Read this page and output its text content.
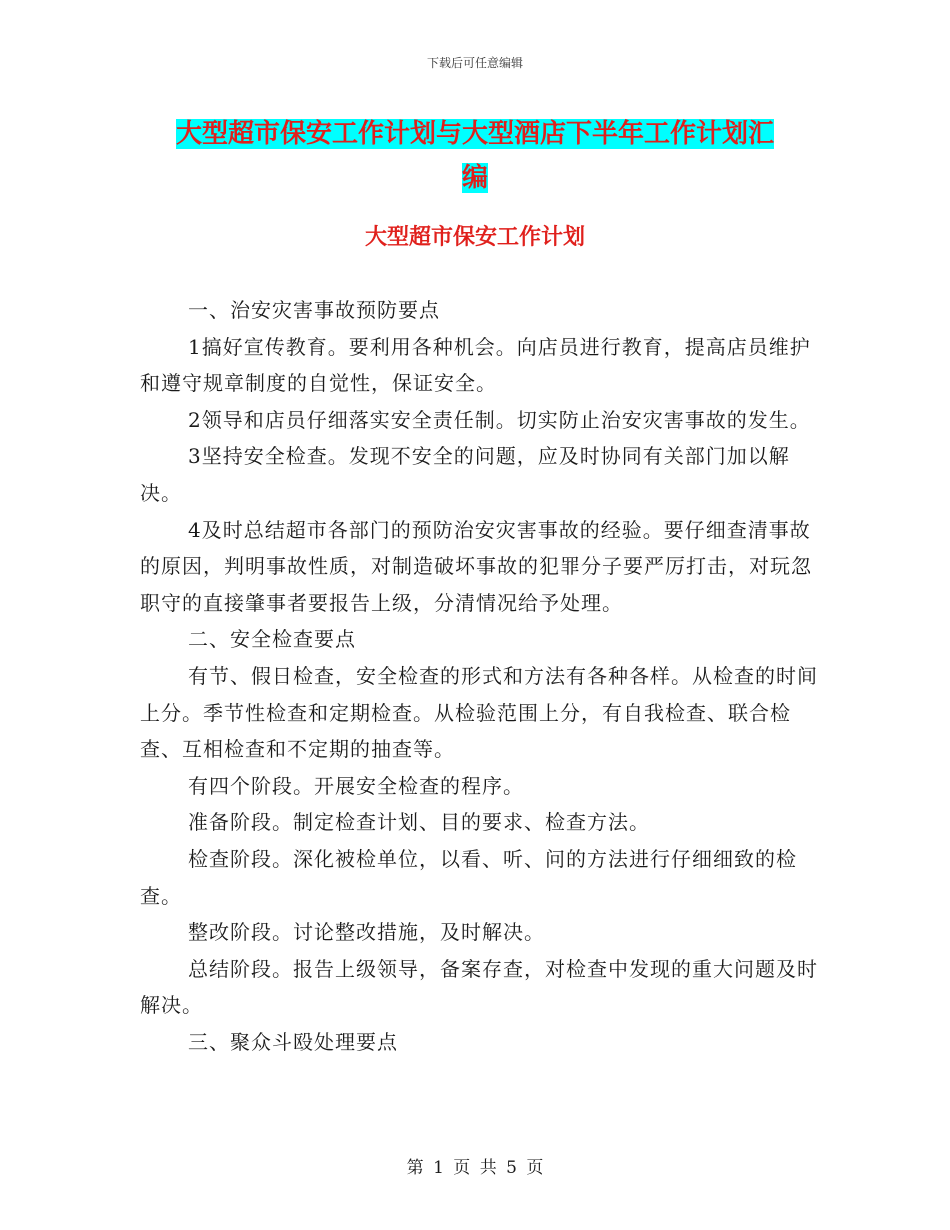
下载后可任意编辑
大型超市保安工作计划与大型酒店下半年工作计划汇
编
大型超市保安工作计划

一、治安灾害事故预防要点

1搞好宣传教育。要利用各种机会。向店员进行教育，提高店员维护和遵守规章制度的自觉性，保证安全。

2领导和店员仔细落实安全责任制。切实防止治安灾害事故的发生。

3坚持安全检查。发现不安全的问题，应及时协同有关部门加以解决。

4及时总结超市各部门的预防治安灾害事故的经验。要仔细查清事故的原因，判明事故性质，对制造破坏事故的犯罪分子要严厉打击，对玩忽职守的直接肇事者要报告上级，分清情况给予处理。

二、安全检查要点

有节、假日检查，安全检查的形式和方法有各种各样。从检查的时间上分。季节性检查和定期检查。从检验范围上分，有自我检查、联合检查、互相检查和不定期的抽查等。

有四个阶段。开展安全检查的程序。

准备阶段。制定检查计划、目的要求、检查方法。

检查阶段。深化被检单位，以看、听、问的方法进行仔细细致的检查。

整改阶段。讨论整改措施，及时解决。

总结阶段。报告上级领导，备案存查，对检查中发现的重大问题及时解决。

三、聚众斗殴处理要点

第 1 页 共 5 页
